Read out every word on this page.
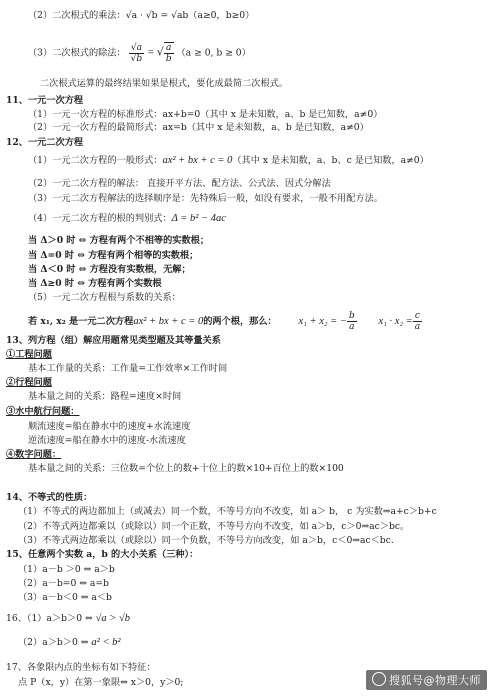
（2）二次根式的乘法：√a · √b = √ab（a≥0，b≥0）
（3）二次根式的除法： $\frac{√a}{√b}$ = √ $\frac{a}{b} (a \ge 0$, b ≥ 0）
二次根式运算的最终结果如果是根式，要化成最简二次根式。
11、一元一次方程
（1）一元一次方程的标准形式：ax+b=0（其中 x 是未知数，a、b 是已知数，a≠0）
（2）一元一次方程的最简形式：ax=b（其中 x 是未知数，a、b 是已知数，a≠0）
12、一元二次方程
（1）一元二次方程的一般形式：ax² + bx + c = 0（其中 x 是未知数，a、b、c 是已知数，a≠0）
（2）一元二次方程的解法： 直接开平方法、配方法、公式法、因式分解法
（3）一元二次方程解法的选择顺序是：先特殊后一般，如没有要求，一般不用配方法。
（4）一元二次方程的根的判别式：Δ = b² − 4ac
当 Δ＞0 时 ⇔ 方程有两个不相等的实数根；
当 Δ=0 时 ⇔ 方程有两个相等的实数根；
当 Δ＜0 时 ⇔ 方程没有实数根，无解；
当 Δ≥0 时 ⇔ 方程有两个实数根
（5）一元二次方程根与系数的关系：
若 x₁, x₂ 是一元二次方程ax² + bx + c = 0的两个根，那么： x₁ + x₂ = − $\frac{b}{a} x_1 \cdot x_2 = \frac{c}{a}$
13、列方程（组）解应用题常见类型题及其等量关系
①工程问题
基本工作量的关系：工作量=工作效率×工作时间
②行程问题
基本量之间的关系：路程=速度×时间
③水中航行问题：
顺流速度=船在静水中的速度+水流速度
逆流速度=船在静水中的速度-水流速度
④数字问题：
基本量之间的关系：三位数=个位上的数+十位上的数×10+百位上的数×100
14、不等式的性质：
（1）不等式的两边都加上（或减去）同一个数，不等号方向不改变，如 a＞ b， c 为实数⇒a+c＞b+c
（2）不等式两边都乘以（或除以）同一个正数，不等号方向不改变，如 a＞b，c＞0⇒ac＞bc。
（3）不等式两边都乘以（或除以）同一个负数，不等号方向改变，如 a＞b，c＜0⇒ac＜bc.
15、任意两个实数 a，b 的大小关系（三种）：
（1）a－b ＞0 ⇔ a＞b
（2）a－b=0 ⇔ a=b
（3）a－b＜0 ⇔ a＜b
16、（1）a＞b＞0 ⇔ √a > √b
（2）a＞b＞0 ⇔ a² < b²
17、各象限内点的坐标有如下特征：
点 P（x，y）在第一象限⇔ x＞0，y＞0;	搜狐号@物理大师
